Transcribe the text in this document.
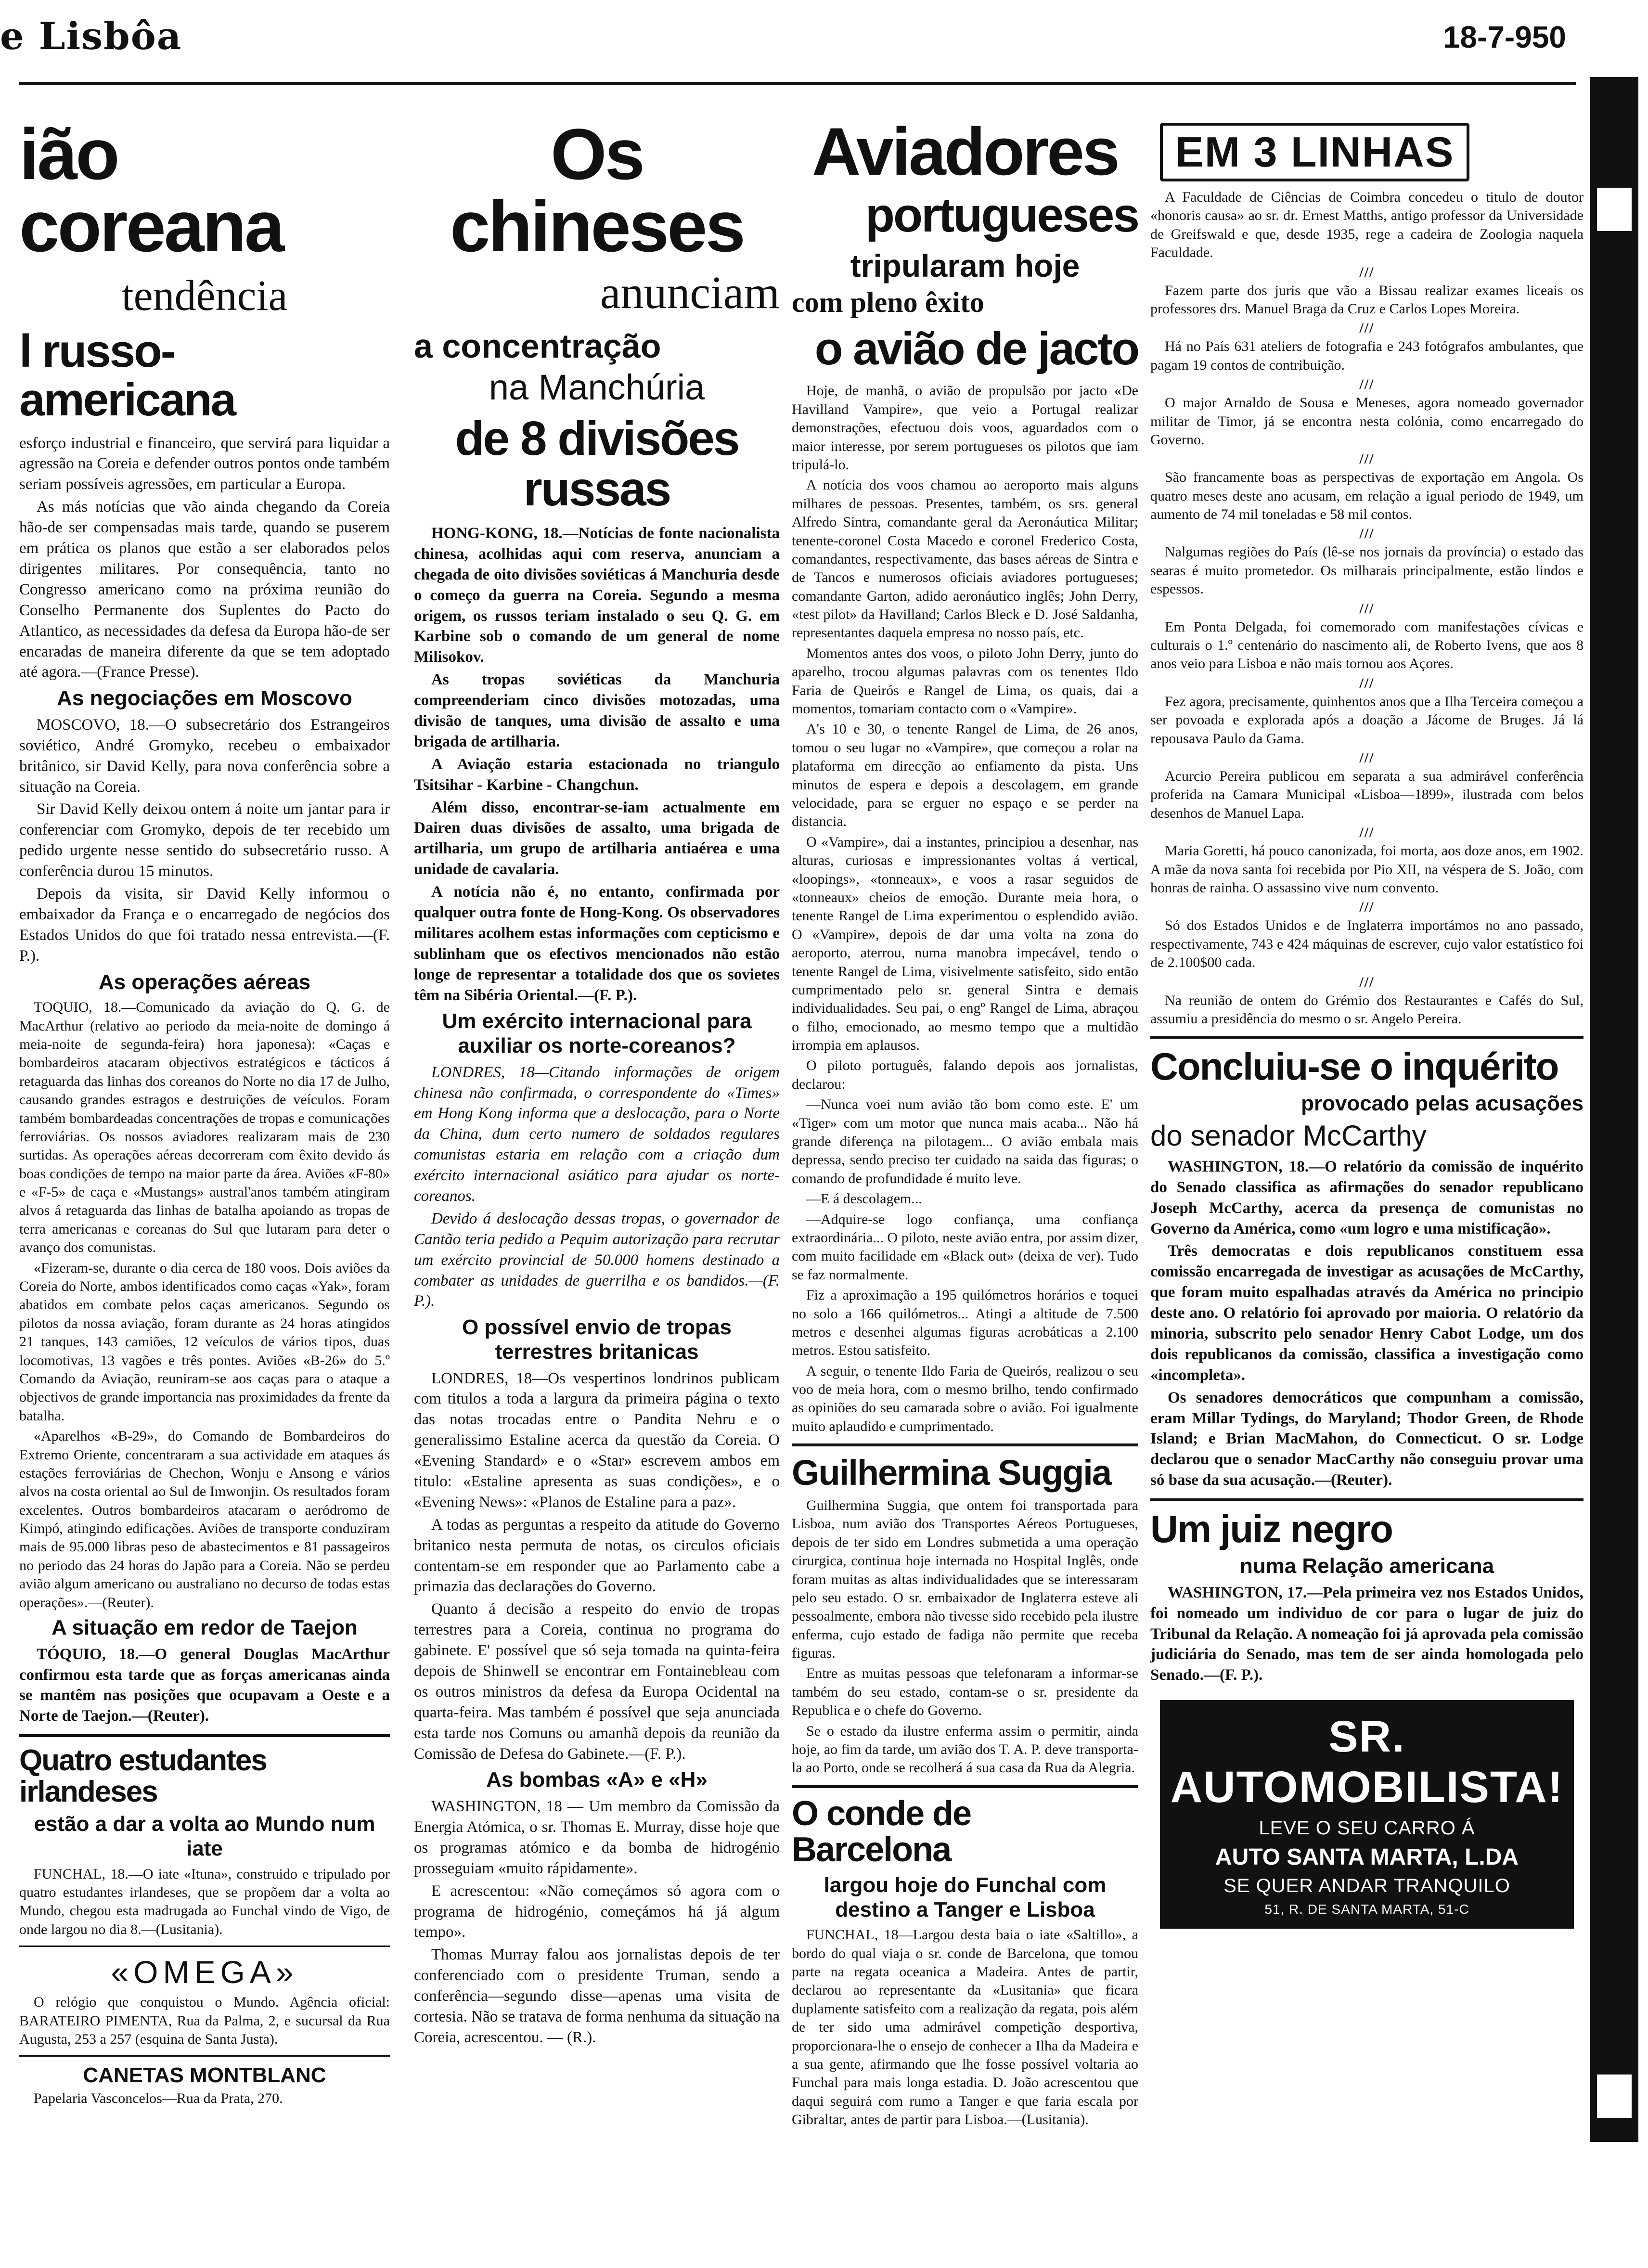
e Lisbôa	18-7-950
ião coreana
tendência
l russo-americana

esforço industrial e financeiro, que servirá para liquidar a agressão na Coreia e defender outros pontos onde também seriam possíveis agressões, em particular a Europa.

As más notícias que vão ainda chegando da Coreia hão-de ser compensadas mais tarde, quando se puserem em prática os planos que estão a ser elaborados pelos dirigentes militares. Por consequência, tanto no Congresso americano como na próxima reunião do Conselho Permanente dos Suplentes do Pacto do Atlantico, as necessidades da defesa da Europa hão-de ser encaradas de maneira diferente da que se tem adoptado até agora.—(France Presse).

As negociações em Moscovo

MOSCOVO, 18.—O subsecretário dos Estrangeiros soviético, André Gromyko, recebeu o embaixador britânico, sir David Kelly, para nova conferência sobre a situação na Coreia.

Sir David Kelly deixou ontem á noite um jantar para ir conferenciar com Gromyko, depois de ter recebido um pedido urgente nesse sentido do subsecretário russo. A conferência durou 15 minutos.

Depois da visita, sir David Kelly informou o embaixador da França e o encarregado de negócios dos Estados Unidos do que foi tratado nessa entrevista.—(F. P.).

As operações aéreas

TOQUIO, 18.—Comunicado da aviação do Q. G. de MacArthur (relativo ao periodo da meia-noite de domingo á meia-noite de segunda-feira) hora japonesa): «Caças e bombardeiros atacaram objectivos estratégicos e tácticos á retaguarda das linhas dos coreanos do Norte no dia 17 de Julho, causando grandes estragos e destruições de veículos. Foram também bombardeadas concentrações de tropas e comunicações ferroviárias. Os nossos aviadores realizaram mais de 230 surtidas. As operações aéreas decorreram com êxito devido ás boas condições de tempo na maior parte da área. Aviões «F-80» e «F-5» de caça e «Mustangs» austral'anos também atingiram alvos á retaguarda das linhas de batalha apoiando as tropas de terra americanas e coreanas do Sul que lutaram para deter o avanço dos comunistas.

«Fizeram-se, durante o dia cerca de 180 voos. Dois aviões da Coreia do Norte, ambos identificados como caças «Yak», foram abatidos em combate pelos caças americanos. Segundo os pilotos da nossa aviação, foram durante as 24 horas atingidos 21 tanques, 143 camiões, 12 veículos de vários tipos, duas locomotivas, 13 vagões e três pontes. Aviões «B-26» do 5.º Comando da Aviação, reuniram-se aos caças para o ataque a objectivos de grande importancia nas proximidades da frente da batalha.

«Aparelhos «B-29», do Comando de Bombardeiros do Extremo Oriente, concentraram a sua actividade em ataques ás estações ferroviárias de Chechon, Wonju e Ansong e vários alvos na costa oriental ao Sul de Imwonjin. Os resultados foram excelentes. Outros bombardeiros atacaram o aeródromo de Kimpó, atingindo edificações. Aviões de transporte conduziram mais de 95.000 libras peso de abastecimentos e 81 passageiros no periodo das 24 horas do Japão para a Coreia. Não se perdeu avião algum americano ou australiano no decurso de todas estas operações».—(Reuter).

A situação em redor de Taejon

TÓQUIO, 18.—O general Douglas MacArthur confirmou esta tarde que as forças americanas ainda se mantêm nas posições que ocupavam a Oeste e a Norte de Taejon.—(Reuter).

Quatro estudantes irlandeses
estão a dar a volta ao Mundo num iate

FUNCHAL, 18.—O iate «Ituna», construido e tripulado por quatro estudantes irlandeses, que se propõem dar a volta ao Mundo, chegou esta madrugada ao Funchal vindo de Vigo, de onde largou no dia 8.—(Lusitania).

«OMEGA»

O relógio que conquistou o Mundo. Agência oficial: BARATEIRO PIMENTA, Rua da Palma, 2, e sucursal da Rua Augusta, 253 a 257 (esquina de Santa Justa).

CANETAS MONTBLANC

Papelaria Vasconcelos—Rua da Prata, 270.

Os chineses
anunciam
a concentração
na Manchúria
de 8 divisões russas

HONG-KONG, 18.—Notícias de fonte nacionalista chinesa, acolhidas aqui com reserva, anunciam a chegada de oito divisões soviéticas á Manchuria desde o começo da guerra na Coreia. Segundo a mesma origem, os russos teriam instalado o seu Q. G. em Karbine sob o comando de um general de nome Milisokov.

As tropas soviéticas da Manchuria compreenderiam cinco divisões motozadas, uma divisão de tanques, uma divisão de assalto e uma brigada de artilharia.

A Aviação estaria estacionada no triangulo Tsitsihar - Karbine - Changchun.

Além disso, encontrar-se-iam actualmente em Dairen duas divisões de assalto, uma brigada de artilharia, um grupo de artilharia antiaérea e uma unidade de cavalaria.

A notícia não é, no entanto, confirmada por qualquer outra fonte de Hong-Kong. Os observadores militares acolhem estas informações com cepticismo e sublinham que os efectivos mencionados não estão longe de representar a totalidade dos que os sovietes têm na Sibéria Oriental.—(F. P.).

Um exército internacional para auxiliar os norte-coreanos?

LONDRES, 18—Citando informações de origem chinesa não confirmada, o correspondente do «Times» em Hong Kong informa que a deslocação, para o Norte da China, dum certo numero de soldados regulares comunistas estaria em relação com a criação dum exército internacional asiático para ajudar os norte-coreanos.

Devido á deslocação dessas tropas, o governador de Cantão teria pedido a Pequim autorização para recrutar um exército provincial de 50.000 homens destinado a combater as unidades de guerrilha e os bandidos.—(F. P.).

O possível envio de tropas terrestres britanicas

LONDRES, 18—Os vespertinos londrinos publicam com titulos a toda a largura da primeira página o texto das notas trocadas entre o Pandita Nehru e o generalissimo Estaline acerca da questão da Coreia. O «Evening Standard» e o «Star» escrevem ambos em titulo: «Estaline apresenta as suas condições», e o «Evening News»: «Planos de Estaline para a paz».

A todas as perguntas a respeito da atitude do Governo britanico nesta permuta de notas, os circulos oficiais contentam-se em responder que ao Parlamento cabe a primazia das declarações do Governo.

Quanto á decisão a respeito do envio de tropas terrestres para a Coreia, continua no programa do gabinete. E' possível que só seja tomada na quinta-feira depois de Shinwell se encontrar em Fontainebleau com os outros ministros da defesa da Europa Ocidental na quarta-feira. Mas também é possível que seja anunciada esta tarde nos Comuns ou amanhã depois da reunião da Comissão de Defesa do Gabinete.—(F. P.).

As bombas «A» e «H»

WASHINGTON, 18 — Um membro da Comissão da Energia Atómica, o sr. Thomas E. Murray, disse hoje que os programas atómico e da bomba de hidrogénio prosseguiam «muito rápidamente».

E acrescentou: «Não começámos só agora com o programa de hidrogénio, começámos há já algum tempo».

Thomas Murray falou aos jornalistas depois de ter conferenciado com o presidente Truman, sendo a conferência—segundo disse—apenas uma visita de cortesia. Não se tratava de forma nenhuma da situação na Coreia, acrescentou. — (R.).

Aviadores
portugueses
tripularam hoje
com pleno êxito
o avião de jacto

Hoje, de manhã, o avião de propulsão por jacto «De Havilland Vampire», que veio a Portugal realizar demonstrações, efectuou dois voos, aguardados com o maior interesse, por serem portugueses os pilotos que iam tripulá-lo.

A notícia dos voos chamou ao aeroporto mais alguns milhares de pessoas. Presentes, também, os srs. general Alfredo Sintra, comandante geral da Aeronáutica Militar; tenente-coronel Costa Macedo e coronel Frederico Costa, comandantes, respectivamente, das bases aéreas de Sintra e de Tancos e numerosos oficiais aviadores portugueses; comandante Garton, adido aeronáutico inglês; John Derry, «test pilot» da Havilland; Carlos Bleck e D. José Saldanha, representantes daquela empresa no nosso país, etc.

Momentos antes dos voos, o piloto John Derry, junto do aparelho, trocou algumas palavras com os tenentes Ildo Faria de Queirós e Rangel de Lima, os quais, dai a momentos, tomariam contacto com o «Vampire».

A's 10 e 30, o tenente Rangel de Lima, de 26 anos, tomou o seu lugar no «Vampire», que começou a rolar na plataforma em direcção ao enfiamento da pista. Uns minutos de espera e depois a descolagem, em grande velocidade, para se erguer no espaço e se perder na distancia.

O «Vampire», dai a instantes, principiou a desenhar, nas alturas, curiosas e impressionantes voltas á vertical, «loopings», «tonneaux», e voos a rasar seguidos de «tonneaux» cheios de emoção. Durante meia hora, o tenente Rangel de Lima experimentou o esplendido avião. O «Vampire», depois de dar uma volta na zona do aeroporto, aterrou, numa manobra impecável, tendo o tenente Rangel de Lima, visivelmente satisfeito, sido então cumprimentado pelo sr. general Sintra e demais individualidades. Seu pai, o engº Rangel de Lima, abraçou o filho, emocionado, ao mesmo tempo que a multidão irrompia em aplausos.

O piloto português, falando depois aos jornalistas, declarou:

—Nunca voei num avião tão bom como este. E' um «Tiger» com um motor que nunca mais acaba... Não há grande diferença na pilotagem... O avião embala mais depressa, sendo preciso ter cuidado na saida das figuras; o comando de profundidade é muito leve.

—E á descolagem...

—Adquire-se logo confiança, uma confiança extraordinária... O piloto, neste avião entra, por assim dizer, com muito facilidade em «Black out» (deixa de ver). Tudo se faz normalmente.

Fiz a aproximação a 195 quilómetros horários e toquei no solo a 166 quilómetros... Atingi a altitude de 7.500 metros e desenhei algumas figuras acrobáticas a 2.100 metros. Estou satisfeito.

A seguir, o tenente Ildo Faria de Queirós, realizou o seu voo de meia hora, com o mesmo brilho, tendo confirmado as opiniões do seu camarada sobre o avião. Foi igualmente muito aplaudido e cumprimentado.

Guilhermina Suggia

Guilhermina Suggia, que ontem foi transportada para Lisboa, num avião dos Transportes Aéreos Portugueses, depois de ter sido em Londres submetida a uma operação cirurgica, continua hoje internada no Hospital Inglês, onde foram muitas as altas individualidades que se interessaram pelo seu estado. O sr. embaixador de Inglaterra esteve ali pessoalmente, embora não tivesse sido recebido pela ilustre enferma, cujo estado de fadiga não permite que receba figuras.

Entre as muitas pessoas que telefonaram a informar-se também do seu estado, contam-se o sr. presidente da Republica e o chefe do Governo.

Se o estado da ilustre enferma assim o permitir, ainda hoje, ao fim da tarde, um avião dos T. A. P. deve transporta-la ao Porto, onde se recolherá á sua casa da Rua da Alegria.

O conde de Barcelona
largou hoje do Funchal com destino a Tanger e Lisboa

FUNCHAL, 18—Largou desta baia o iate «Saltillo», a bordo do qual viaja o sr. conde de Barcelona, que tomou parte na regata oceanica a Madeira. Antes de partir, declarou ao representante da «Lusitania» que ficara duplamente satisfeito com a realização da regata, pois além de ter sido uma admirável competição desportiva, proporcionara-lhe o ensejo de conhecer a Ilha da Madeira e a sua gente, afirmando que lhe fosse possível voltaria ao Funchal para mais longa estadia. D. João acrescentou que daqui seguirá com rumo a Tanger e que faria escala por Gibraltar, antes de partir para Lisboa.—(Lusitania).

EM 3 LINHAS

A Faculdade de Ciências de Coimbra concedeu o titulo de doutor «honoris causa» ao sr. dr. Ernest Matths, antigo professor da Universidade de Greifswald e que, desde 1935, rege a cadeira de Zoologia naquela Faculdade.

///

Fazem parte dos juris que vão a Bissau realizar exames liceais os professores drs. Manuel Braga da Cruz e Carlos Lopes Moreira.

///

Há no País 631 ateliers de fotografia e 243 fotógrafos ambulantes, que pagam 19 contos de contribuição.

///

O major Arnaldo de Sousa e Meneses, agora nomeado governador militar de Timor, já se encontra nesta colónia, como encarregado do Governo.

///

São francamente boas as perspectivas de exportação em Angola. Os quatro meses deste ano acusam, em relação a igual periodo de 1949, um aumento de 74 mil toneladas e 58 mil contos.

///

Nalgumas regiões do País (lê-se nos jornais da província) o estado das searas é muito prometedor. Os milharais principalmente, estão lindos e espessos.

///

Em Ponta Delgada, foi comemorado com manifestações cívicas e culturais o 1.º centenário do nascimento ali, de Roberto Ivens, que aos 8 anos veio para Lisboa e não mais tornou aos Açores.

///

Fez agora, precisamente, quinhentos anos que a Ilha Terceira começou a ser povoada e explorada após a doação a Jácome de Bruges. Já lá repousava Paulo da Gama.

///

Acurcio Pereira publicou em separata a sua admirável conferência proferida na Camara Municipal «Lisboa—1899», ilustrada com belos desenhos de Manuel Lapa.

///

Maria Goretti, há pouco canonizada, foi morta, aos doze anos, em 1902. A mãe da nova santa foi recebida por Pio XII, na véspera de S. João, com honras de rainha. O assassino vive num convento.

///

Só dos Estados Unidos e de Inglaterra importámos no ano passado, respectivamente, 743 e 424 máquinas de escrever, cujo valor estatístico foi de 2.100$00 cada.

///

Na reunião de ontem do Grémio dos Restaurantes e Cafés do Sul, assumiu a presidência do mesmo o sr. Angelo Pereira.

Concluiu-se o inquérito
provocado pelas acusações
do senador McCarthy

WASHINGTON, 18.—O relatório da comissão de inquérito do Senado classifica as afirmações do senador republicano Joseph McCarthy, acerca da presença de comunistas no Governo da América, como «um logro e uma mistificação».

Três democratas e dois republicanos constituem essa comissão encarregada de investigar as acusações de McCarthy, que foram muito espalhadas através da América no principio deste ano. O relatório foi aprovado por maioria. O relatório da minoria, subscrito pelo senador Henry Cabot Lodge, um dos dois republicanos da comissão, classifica a investigação como «incompleta».

Os senadores democráticos que compunham a comissão, eram Millar Tydings, do Maryland; Thodor Green, de Rhode Island; e Brian MacMahon, do Connecticut. O sr. Lodge declarou que o senador MacCarthy não conseguiu provar uma só base da sua acusação.—(Reuter).

Um juiz negro
numa Relação americana

WASHINGTON, 17.—Pela primeira vez nos Estados Unidos, foi nomeado um individuo de cor para o lugar de juiz do Tribunal da Relação. A nomeação foi já aprovada pela comissão judiciária do Senado, mas tem de ser ainda homologada pelo Senado.—(F. P.).

SR. AUTOMOBILISTA!
LEVE O SEU CARRO Á
AUTO SANTA MARTA, L.DA
SE QUER ANDAR TRANQUILO
51, R. DE SANTA MARTA, 51-C
